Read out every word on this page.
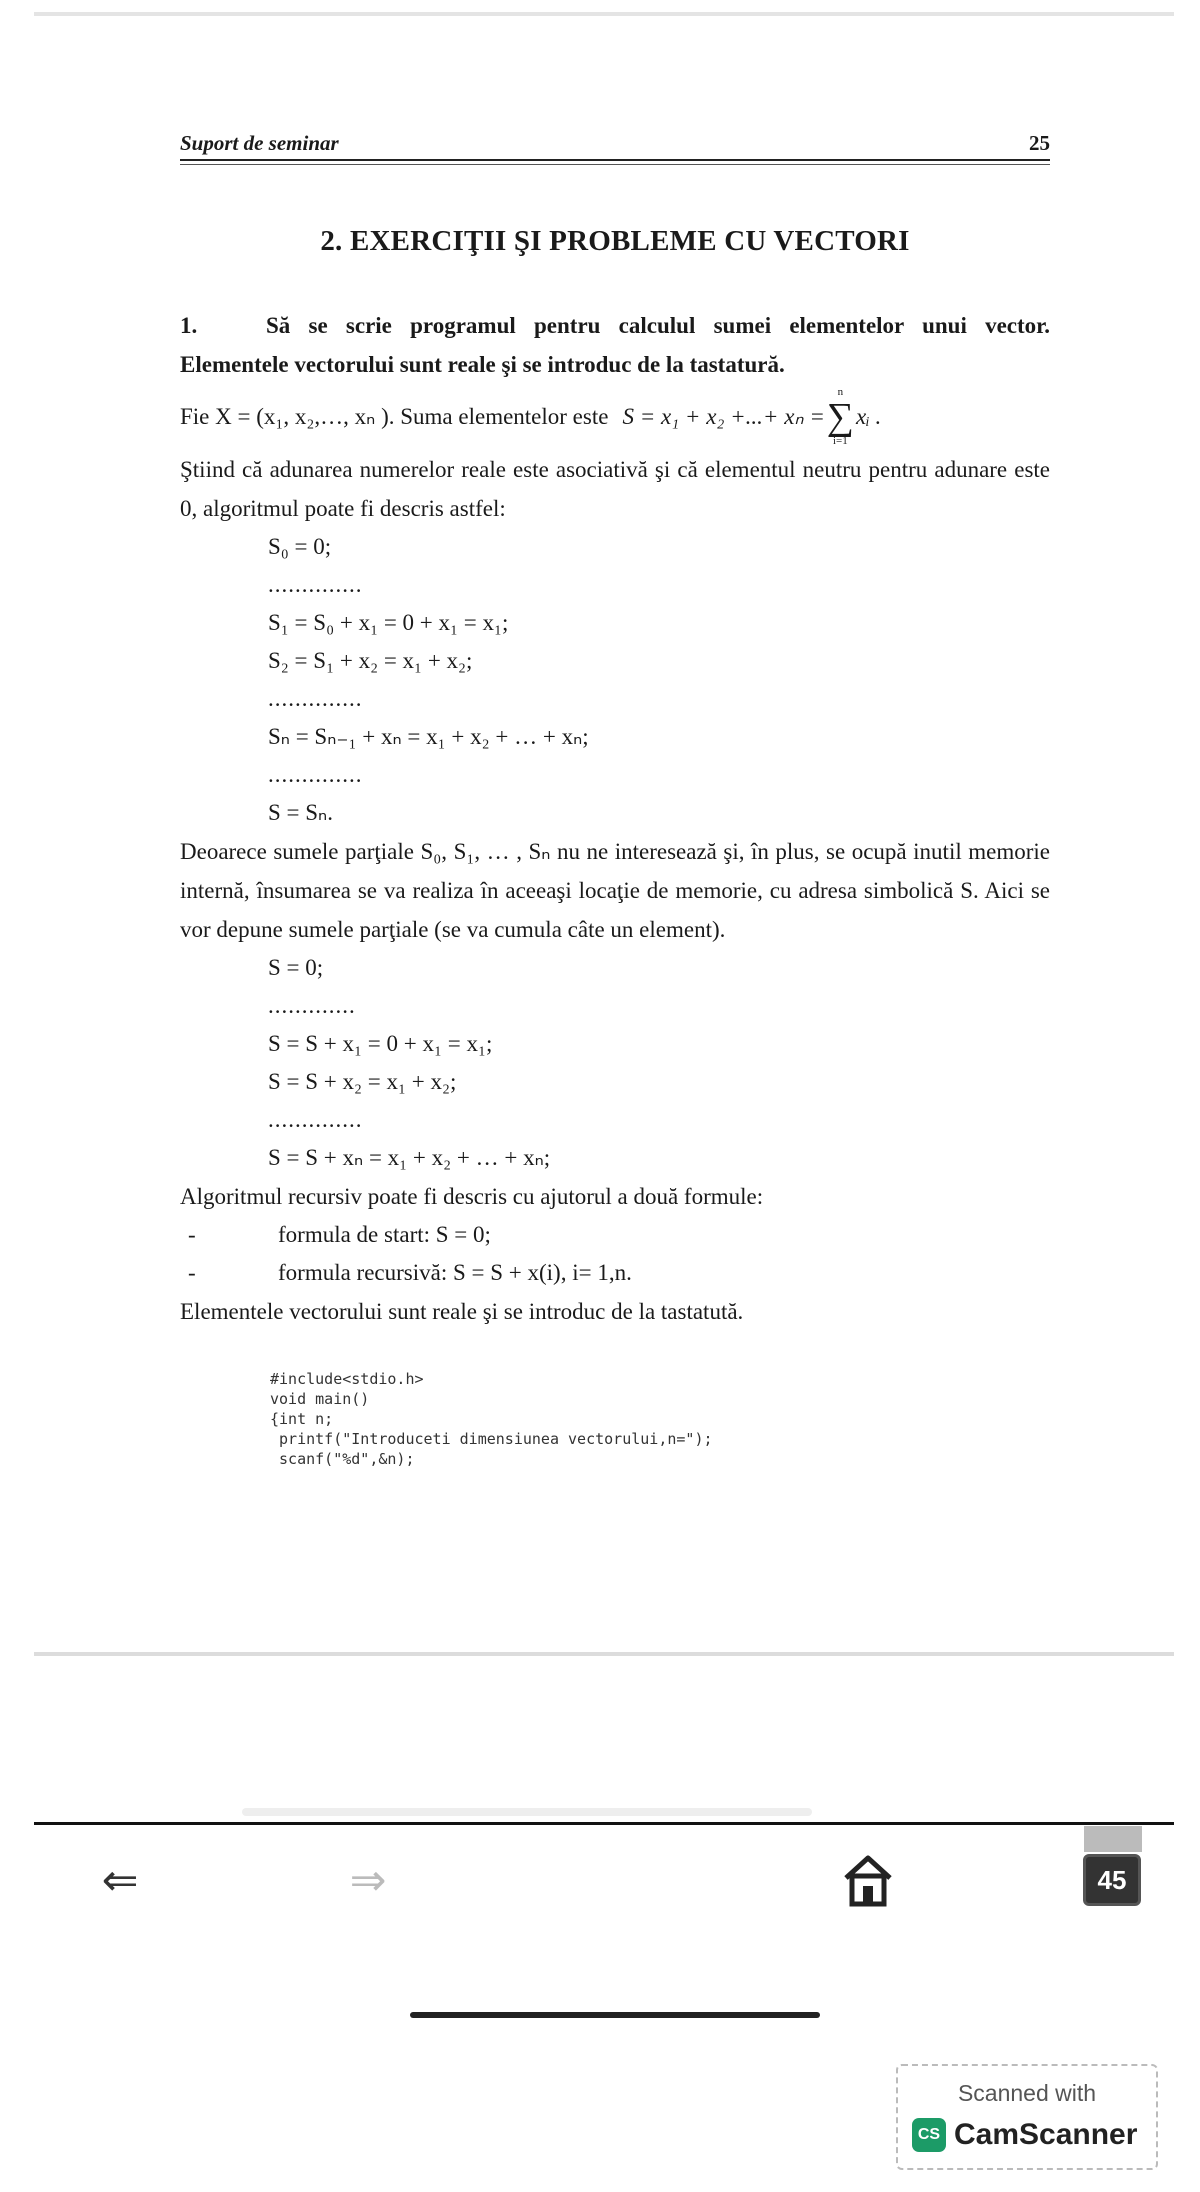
Suport de seminar	25
2. EXERCIŢII ŞI PROBLEME CU VECTORI

1.	Să se scrie programul pentru calculul sumei elementelor unui vector. Elementele vectorului sunt reale şi se introduc de la tastatură.

Fie X = (x₁, x₂,…, xₙ ). Suma elementelor este S = x₁ + x₂ +...+ xₙ =
n
∑
i=1
xᵢ .

Ştiind că adunarea numerelor reale este asociativă şi că elementul neutru pentru adunare este 0, algoritmul poate fi descris astfel:

S₀ = 0;
..............
S₁ = S₀ + x₁ = 0 + x₁ = x₁;
S₂ = S₁ + x₂ = x₁ + x₂;
..............
Sₙ = Sₙ₋₁ + xₙ = x₁ + x₂ + … + xₙ;
..............
S = Sₙ.

Deoarece sumele parţiale S₀, S₁, … , Sₙ nu ne interesează şi, în plus, se ocupă inutil memorie internă, însumarea se va realiza în aceeaşi locaţie de memorie, cu adresa simbolică S. Aici se vor depune sumele parţiale (se va cumula câte un element).

S = 0;
.............
S = S + x₁ = 0 + x₁ = x₁;
S = S + x₂ = x₁ + x₂;
..............
S = S + xₙ = x₁ + x₂ + … + xₙ;

Algoritmul recursiv poate fi descris cu ajutorul a două formule:

-	formula de start: S = 0;
-	formula recursivă: S = S + x(i), i= 1,n.

Elementele vectorului sunt reale şi se introduc de la tastatută.

#include<stdio.h>
void main()
{int n;
printf("Introduceti dimensiunea vectorului,n=");
scanf("%d",&n);
⇐	⇒	45
Scanned with
CS CamScanner
